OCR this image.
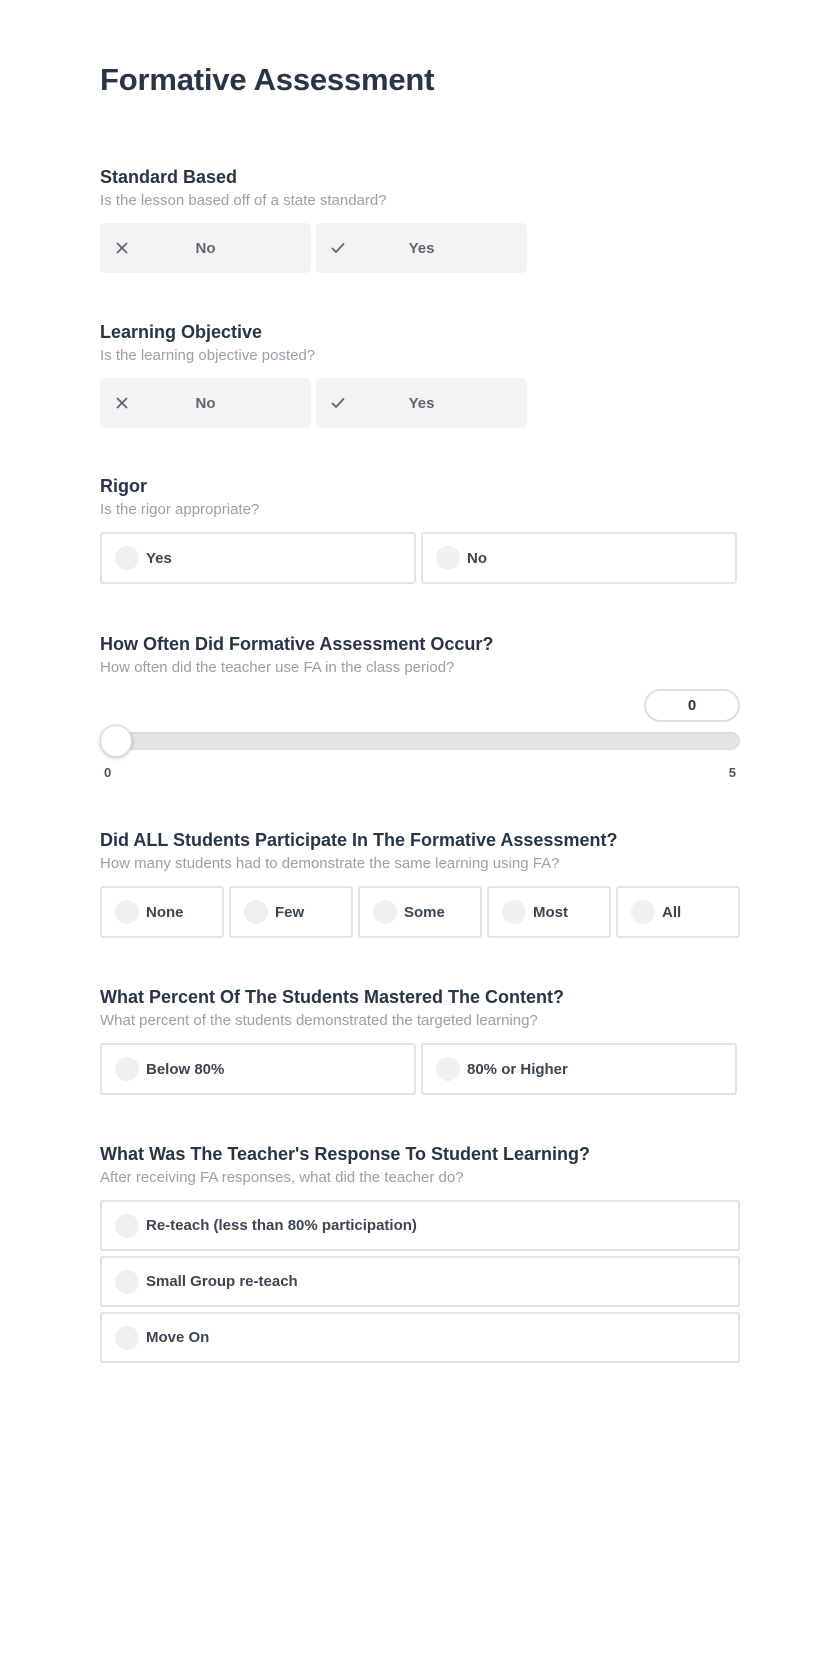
Formative Assessment

Standard Based

Is the lesson based off of a state standard?

No	Yes

Learning Objective

Is the learning objective posted?

No	Yes

Rigor

Is the rigor appropriate?

Yes	No

How Often Did Formative Assessment Occur?

How often did the teacher use FA in the class period?

0
0	5

Did ALL Students Participate In The Formative Assessment?

How many students had to demonstrate the same learning using FA?

None	Few	Some	Most	All

What Percent Of The Students Mastered The Content?

What percent of the students demonstrated the targeted learning?

Below 80%	80% or Higher

What Was The Teacher's Response To Student Learning?

After receiving FA responses, what did the teacher do?

Re-teach (less than 80% participation)
Small Group re-teach
Move On
